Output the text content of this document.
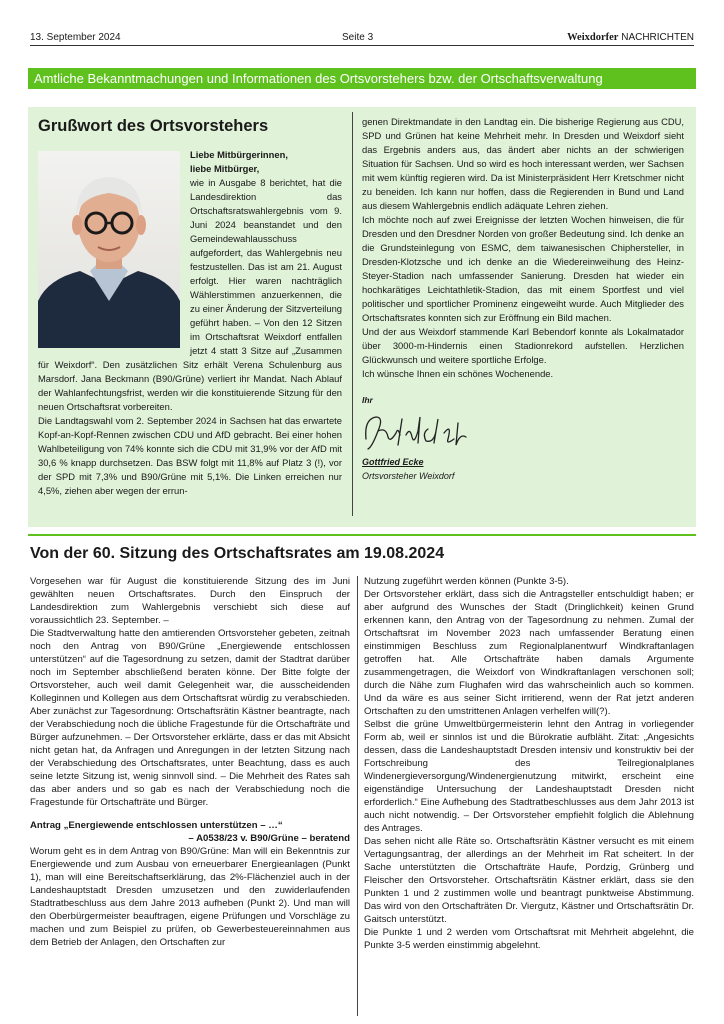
13. September 2024	Seite 3	Weixdorfer NACHRICHTEN
Amtliche Bekanntmachungen und Informationen des Ortsvorstehers bzw. der Ortschaftsverwaltung
Grußwort des Ortsvorstehers

Liebe Mitbürgerinnen,

liebe Mitbürger,

wie in Ausgabe 8 berichtet, hat die Landesdirektion das Ortschaftsratswahlergebnis vom 9. Juni 2024 beanstandet und den Gemeindewahlausschuss aufgefordert, das Wahlergebnis neu festzustellen. Das ist am 21. August erfolgt. Hier waren nachträglich Wählerstimmen anzuerkennen, die zu einer Änderung der Sitzverteilung geführt haben. – Von den 12 Sitzen im Ortschaftsrat Weixdorf entfallen jetzt 4 statt 3 Sitze auf „Zusammen für Weixdorf“. Den zusätzlichen Sitz erhält Verena Schulenburg aus Marsdorf. Jana Beckmann (B90/Grüne) verliert ihr Mandat. Nach Ablauf der Wahlanfechtungsfrist, werden wir die konstituierende Sitzung für den neuen Ortschaftsrat vorbereiten.

Die Landtagswahl vom 2. September 2024 in Sachsen hat das erwartete Kopf-an-Kopf-Rennen zwischen CDU und AfD gebracht. Bei einer hohen Wahlbeteiligung von 74% konnte sich die CDU mit 31,9% vor der AfD mit 30,6 % knapp durchsetzen. Das BSW folgt mit 11,8% auf Platz 3 (!), vor der SPD mit 7,3% und B90/Grüne mit 5,1%. Die Linken erreichen nur 4,5%, ziehen aber wegen der errun-

genen Direktmandate in den Landtag ein. Die bisherige Regierung aus CDU, SPD und Grünen hat keine Mehrheit mehr. In Dresden und Weixdorf sieht das Ergebnis anders aus, das ändert aber nichts an der schwierigen Situation für Sachsen. Und so wird es hoch interessant werden, wer Sachsen mit wem künftig regieren wird. Da ist Ministerpräsident Herr Kretschmer nicht zu beneiden. Ich kann nur hoffen, dass die Regierenden in Bund und Land aus diesem Wahlergebnis endlich adäquate Lehren ziehen.

Ich möchte noch auf zwei Ereignisse der letzten Wochen hinweisen, die für Dresden und den Dresdner Norden von großer Bedeutung sind. Ich denke an die Grundsteinlegung von ESMC, dem taiwanesischen Chiphersteller, in Dresden-Klotzsche und ich denke an die Wiedereinweihung des Heinz-Steyer-Stadion nach umfassender Sanierung. Dresden hat wieder ein hochkarätiges Leichtathletik-Stadion, das mit einem Sportfest und viel politischer und sportlicher Prominenz eingeweiht wurde. Auch Mitglieder des Ortschaftsrates konnten sich zur Eröffnung ein Bild machen.

Und der aus Weixdorf stammende Karl Bebendorf konnte als Lokalmatador über 3000-m-Hindernis einen Stadionrekord aufstellen. Herzlichen Glückwunsch und weitere sportliche Erfolge.

Ich wünsche Ihnen ein schönes Wochenende.

Ihr

Gottfried Ecke

Ortsvorsteher Weixdorf

Von der 60. Sitzung des Ortschaftsrates am 19.08.2024

Vorgesehen war für August die konstituierende Sitzung des im Juni gewählten neuen Ortschaftsrates. Durch den Einspruch der Landesdirektion zum Wahlergebnis verschiebt sich diese auf voraussichtlich 23. September. –

Die Stadtverwaltung hatte den amtierenden Ortsvorsteher gebeten, zeitnah noch den Antrag von B90/Grüne „Energiewende entschlossen unterstützen“ auf die Tagesordnung zu setzen, damit der Stadtrat darüber noch im September abschließend beraten könne. Der Bitte folgte der Ortsvorsteher, auch weil damit Gelegenheit war, die ausscheidenden Kolleginnen und Kollegen aus dem Ortschaftsrat würdig zu verabschieden. Aber zunächst zur Tagesordnung: Ortschaftsrätin Kästner beantragte, nach der Verabschiedung noch die übliche Fragestunde für die Ortschafträte und Bürger aufzunehmen. – Der Ortsvorsteher erklärte, dass er das mit Absicht nicht getan hat, da Anfragen und Anregungen in der letzten Sitzung nach der Verabschiedung des Ortschaftsrates, unter Beachtung, dass es auch seine letzte Sitzung ist, wenig sinnvoll sind. – Die Mehrheit des Rates sah das aber anders und so gab es nach der Verabschiedung noch die Fragestunde für Ortschafträte und Bürger.

Antrag „Energiewende entschlossen unterstützen – …“

– A0538/23 v. B90/Grüne – beratend

Worum geht es in dem Antrag von B90/Grüne: Man will ein Bekenntnis zur Energiewende und zum Ausbau von erneuerbarer Energieanlagen (Punkt 1), man will eine Bereitschaftserklärung, das 2%-Flächenziel auch in der Landeshauptstadt Dresden umzusetzen und den zuwiderlaufenden Stadtratbeschluss aus dem Jahre 2013 aufheben (Punkt 2). Und man will den Oberbürgermeister beauftragen, eigene Prüfungen und Vorschläge zu machen und zum Beispiel zu prüfen, ob Gewerbesteuereinnahmen aus dem Betrieb der Anlagen, den Ortschaften zur

Nutzung zugeführt werden können (Punkte 3-5).

Der Ortsvorsteher erklärt, dass sich die Antragsteller entschuldigt haben; er aber aufgrund des Wunsches der Stadt (Dringlichkeit) keinen Grund erkennen kann, den Antrag von der Tagesordnung zu nehmen. Zumal der Ortschaftsrat im November 2023 nach umfassender Beratung einen einstimmigen Beschluss zum Regionalplanentwurf Windkraftanlagen getroffen hat. Alle Ortschafträte haben damals Argumente zusammengetragen, die Weixdorf von Windkraftanlagen verschonen soll; durch die Nähe zum Flughafen wird das wahrscheinlich auch so kommen. Und da wäre es aus seiner Sicht irritierend, wenn der Rat jetzt anderen Ortschaften zu den umstrittenen Anlagen verhelfen will(?).

Selbst die grüne Umweltbürgermeisterin lehnt den Antrag in vorliegender Form ab, weil er sinnlos ist und die Bürokratie aufbläht. Zitat: „Angesichts dessen, dass die Landeshauptstadt Dresden intensiv und konstruktiv bei der Fortschreibung des Teilregionalplanes Windenergieversorgung/Windenergienutzung mitwirkt, erscheint eine eigenständige Untersuchung der Landeshauptstadt Dresden nicht erforderlich.“ Eine Aufhebung des Stadtratbeschlusses aus dem Jahr 2013 ist auch nicht notwendig. – Der Ortsvorsteher empfiehlt folglich die Ablehnung des Antrages.

Das sehen nicht alle Räte so. Ortschaftsrätin Kästner versucht es mit einem Vertagungsantrag, der allerdings an der Mehrheit im Rat scheitert. In der Sache unterstützten die Ortschafträte Haufe, Pordzig, Grünberg und Fleischer den Ortsvorsteher. Ortschaftsrätin Kästner erklärt, dass sie den Punkten 1 und 2 zustimmen wolle und beantragt punktweise Abstimmung. Das wird von den Ortschafträten Dr. Viergutz, Kästner und Ortschaftsrätin Dr. Gaitsch unterstützt.

Die Punkte 1 und 2 werden vom Ortschaftsrat mit Mehrheit abgelehnt, die Punkte 3-5 werden einstimmig abgelehnt.
